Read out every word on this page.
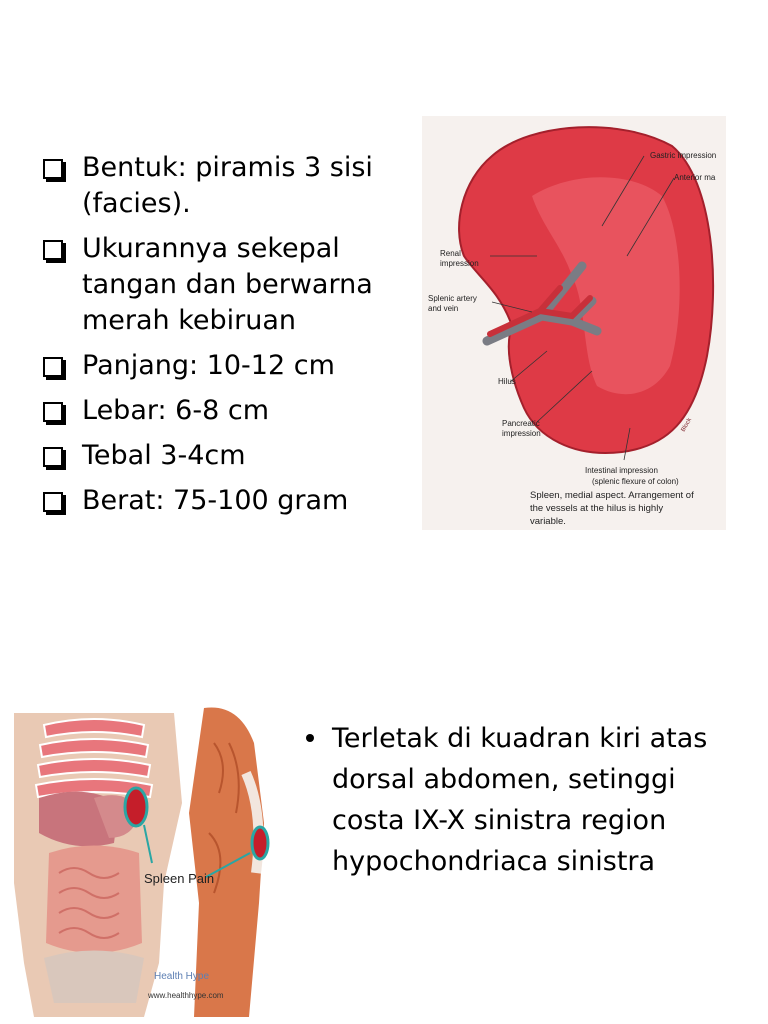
Bentuk: piramis 3 sisi (facies).
Ukurannya sekepal tangan dan berwarna merah kebiruan
Panjang: 10-12 cm
Lebar: 6-8 cm
Tebal 3-4cm
Berat: 75-100 gram
Gastric impression
Anterior ma
Renal
impression
Splenic artery
and vein
Hilus
Pancreatic
impression
Block
Intestinal impression
(splenic flexure of colon)
Spleen, medial aspect. Arrangement of
the vessels at the hilus is highly
variable.
Spleen Pain
Health Hype
www.healthhype.com
Terletak di kuadran kiri atas dorsal abdomen, setinggi costa IX-X sinistra region hypochondriaca sinistra
